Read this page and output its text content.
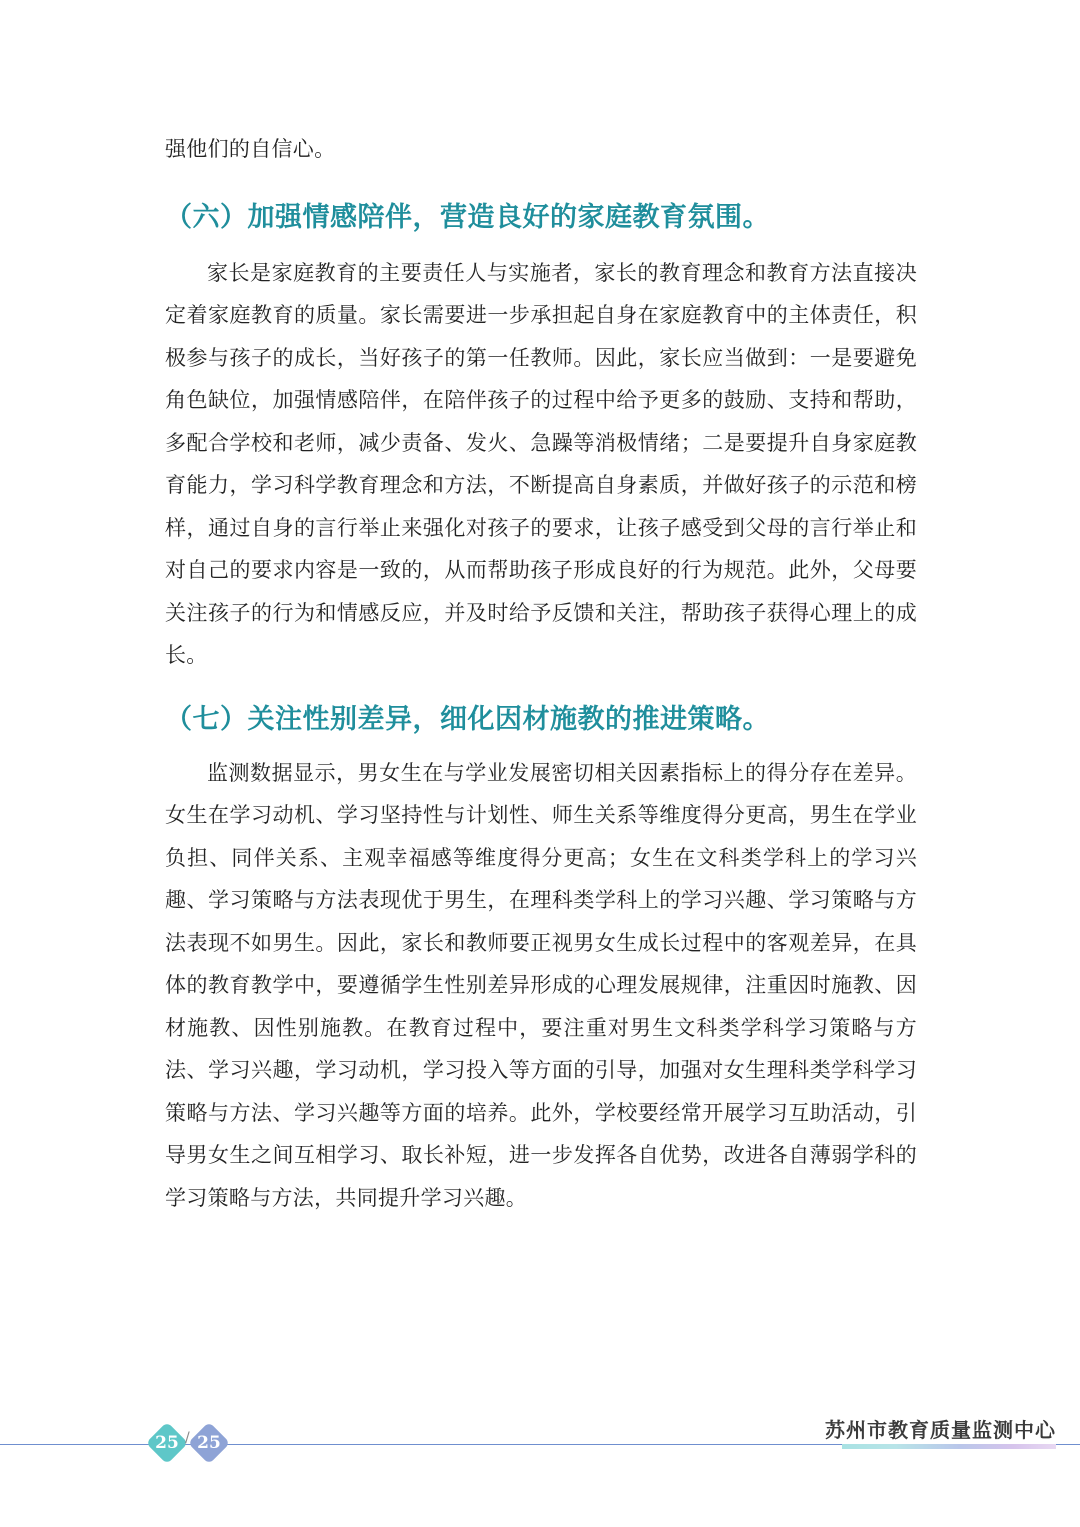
强他们的自信心。

（六）加强情感陪伴，营造良好的家庭教育氛围。

家长是家庭教育的主要责任人与实施者，家长的教育理念和教育方法直接决定着家庭教育的质量。家长需要进一步承担起自身在家庭教育中的主体责任，积极参与孩子的成长，当好孩子的第一任教师。因此，家长应当做到：一是要避免角色缺位，加强情感陪伴，在陪伴孩子的过程中给予更多的鼓励、支持和帮助，多配合学校和老师，减少责备、发火、急躁等消极情绪；二是要提升自身家庭教育能力，学习科学教育理念和方法，不断提高自身素质，并做好孩子的示范和榜样，通过自身的言行举止来强化对孩子的要求，让孩子感受到父母的言行举止和对自己的要求内容是一致的，从而帮助孩子形成良好的行为规范。此外，父母要关注孩子的行为和情感反应，并及时给予反馈和关注，帮助孩子获得心理上的成长。

（七）关注性别差异，细化因材施教的推进策略。

监测数据显示，男女生在与学业发展密切相关因素指标上的得分存在差异。女生在学习动机、学习坚持性与计划性、师生关系等维度得分更高，男生在学业负担、同伴关系、主观幸福感等维度得分更高；女生在文科类学科上的学习兴趣、学习策略与方法表现优于男生，在理科类学科上的学习兴趣、学习策略与方法表现不如男生。因此，家长和教师要正视男女生成长过程中的客观差异，在具体的教育教学中，要遵循学生性别差异形成的心理发展规律，注重因时施教、因材施教、因性别施教。在教育过程中，要注重对男生文科类学科学习策略与方法、学习兴趣，学习动机，学习投入等方面的引导，加强对女生理科类学科学习策略与方法、学习兴趣等方面的培养。此外，学校要经常开展学习互助活动，引导男女生之间互相学习、取长补短，进一步发挥各自优势，改进各自薄弱学科的学习策略与方法，共同提升学习兴趣。

25 / 25
苏州市教育质量监测中心
